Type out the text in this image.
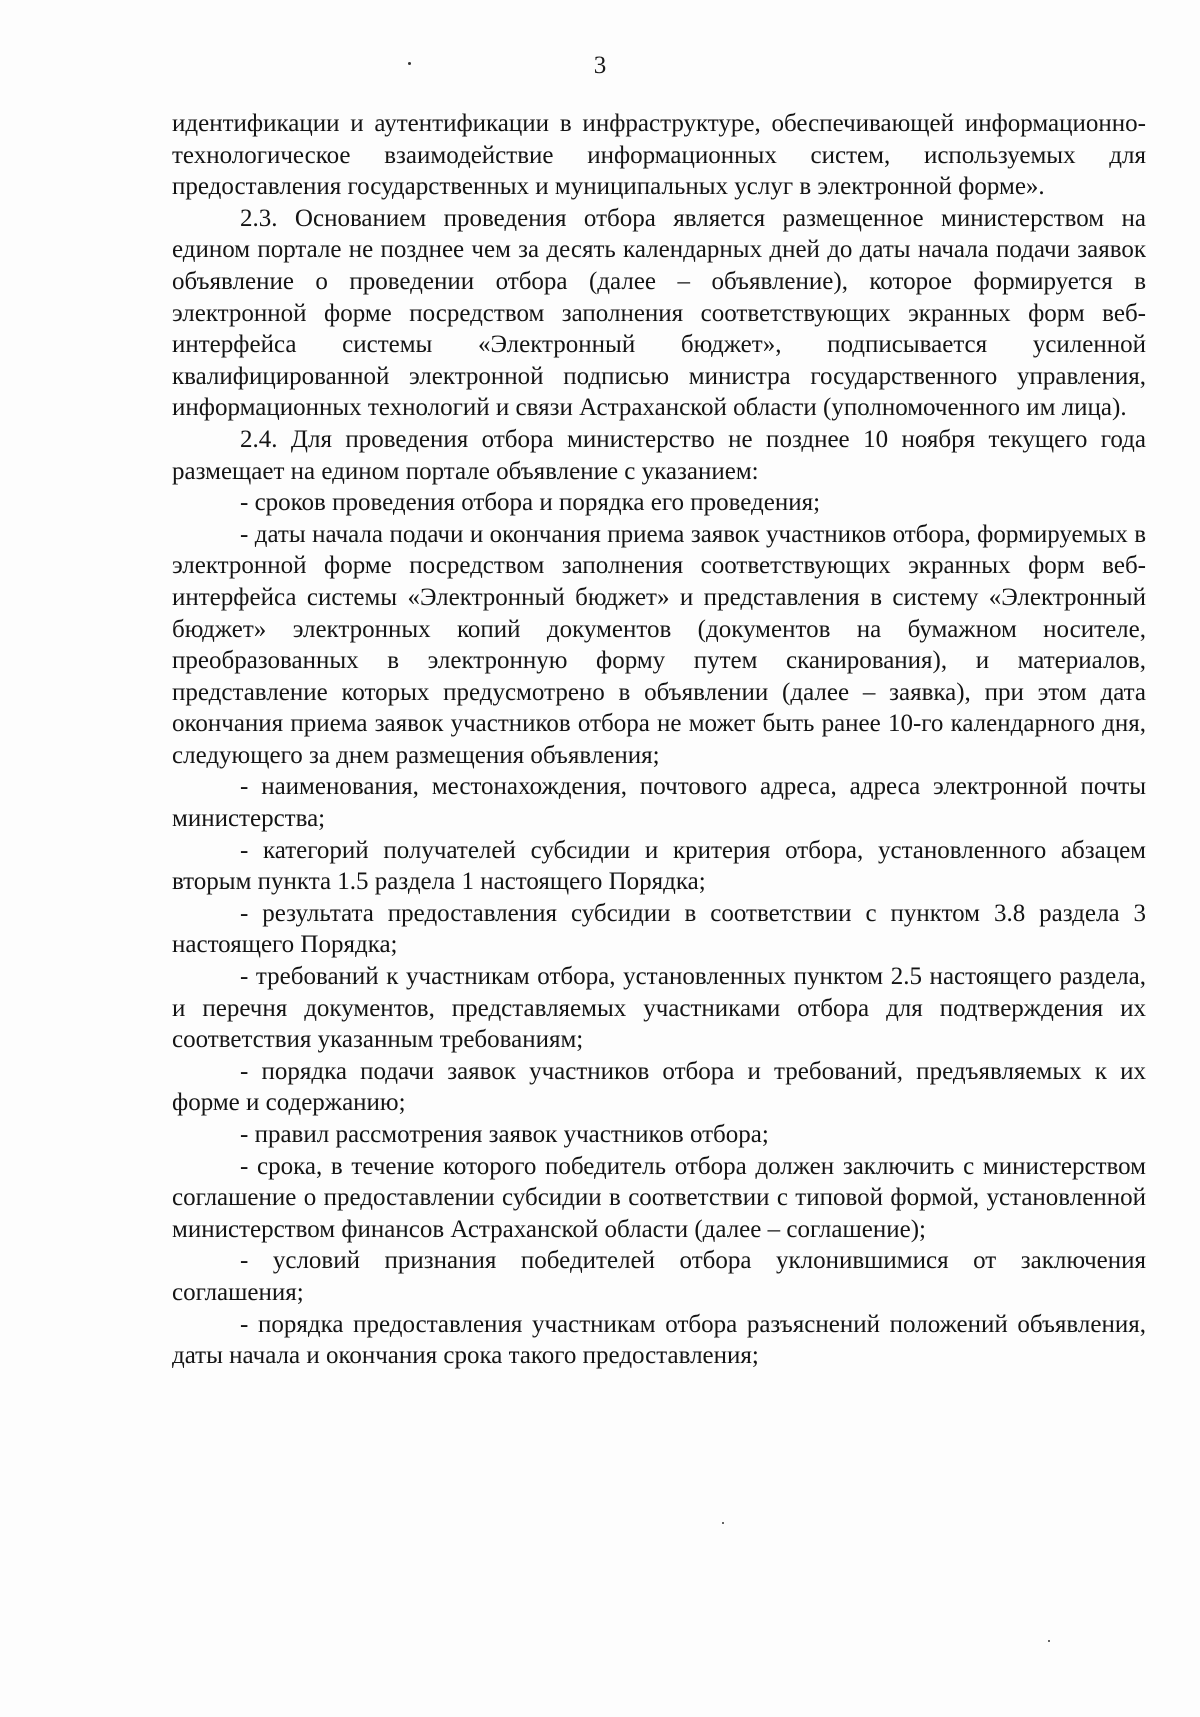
3

идентификации и аутентификации в инфраструктуре, обеспечивающей информационно-технологическое взаимодействие информационных систем, используемых для предоставления государственных и муниципальных услуг в электронной форме».

2.3. Основанием проведения отбора является размещенное министерством на едином портале не позднее чем за десять календарных дней до даты начала подачи заявок объявление о проведении отбора (далее – объявление), которое формируется в электронной форме посредством заполнения соответствующих экранных форм веб-интерфейса системы «Электронный бюджет», подписывается усиленной квалифицированной электронной подписью министра государственного управления, информационных технологий и связи Астраханской области (уполномоченного им лица).

2.4. Для проведения отбора министерство не позднее 10 ноября текущего года размещает на едином портале объявление с указанием:

- сроков проведения отбора и порядка его проведения;

- даты начала подачи и окончания приема заявок участников отбора, формируемых в электронной форме посредством заполнения соответствующих экранных форм веб-интерфейса системы «Электронный бюджет» и представления в систему «Электронный бюджет» электронных копий документов (документов на бумажном носителе, преобразованных в электронную форму путем сканирования), и материалов, представление которых предусмотрено в объявлении (далее – заявка), при этом дата окончания приема заявок участников отбора не может быть ранее 10-го календарного дня, следующего за днем размещения объявления;

- наименования, местонахождения, почтового адреса, адреса электронной почты министерства;

- категорий получателей субсидии и критерия отбора, установленного абзацем вторым пункта 1.5 раздела 1 настоящего Порядка;

- результата предоставления субсидии в соответствии с пунктом 3.8 раздела 3 настоящего Порядка;

- требований к участникам отбора, установленных пунктом 2.5 настоящего раздела, и перечня документов, представляемых участниками отбора для подтверждения их соответствия указанным требованиям;

- порядка подачи заявок участников отбора и требований, предъявляемых к их форме и содержанию;

- правил рассмотрения заявок участников отбора;

- срока, в течение которого победитель отбора должен заключить с министерством соглашение о предоставлении субсидии в соответствии с типовой формой, установленной министерством финансов Астраханской области (далее – соглашение);

- условий признания победителей отбора уклонившимися от заключения соглашения;

- порядка предоставления участникам отбора разъяснений положений объявления, даты начала и окончания срока такого предоставления;
